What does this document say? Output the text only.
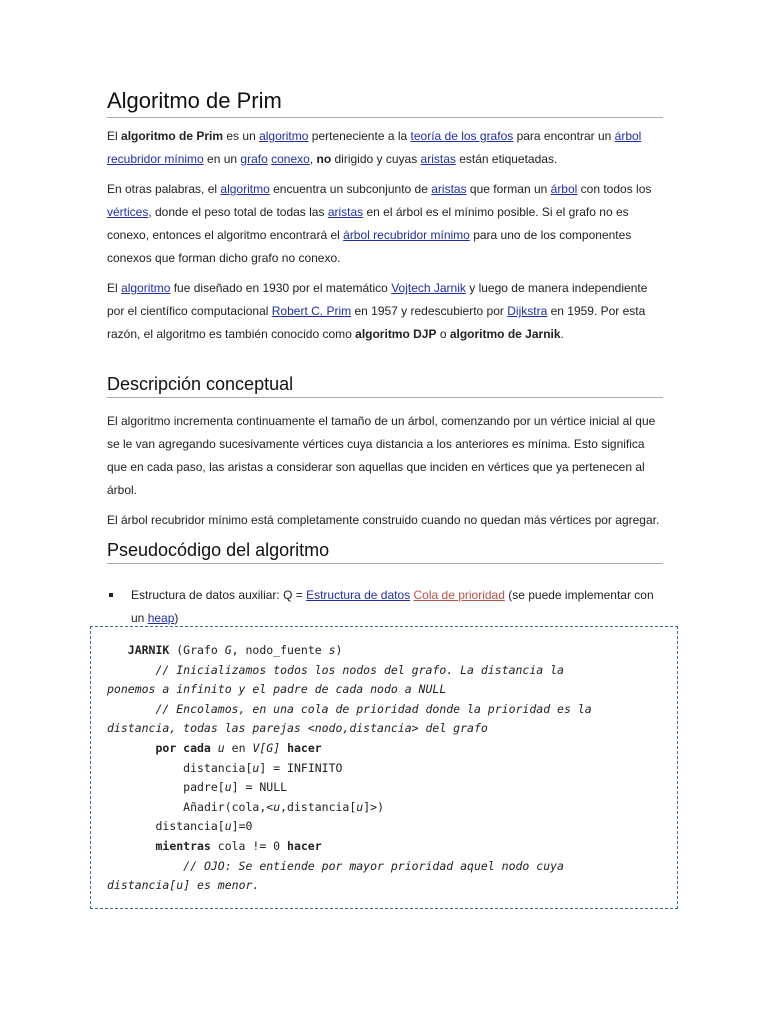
Algoritmo de Prim

El algoritmo de Prim es un algoritmo perteneciente a la teoría de los grafos para encontrar un árbol recubridor mínimo en un grafo conexo, no dirigido y cuyas aristas están etiquetadas.

En otras palabras, el algoritmo encuentra un subconjunto de aristas que forman un árbol con todos los vértices, donde el peso total de todas las aristas en el árbol es el mínimo posible. Si el grafo no es conexo, entonces el algoritmo encontrará el árbol recubridor mínimo para uno de los componentes conexos que forman dicho grafo no conexo.

El algoritmo fue diseñado en 1930 por el matemático Vojtech Jarnik y luego de manera independiente por el científico computacional Robert C. Prim en 1957 y redescubierto por Dijkstra en 1959. Por esta razón, el algoritmo es también conocido como algoritmo DJP o algoritmo de Jarnik.

Descripción conceptual

El algoritmo incrementa continuamente el tamaño de un árbol, comenzando por un vértice inicial al que se le van agregando sucesivamente vértices cuya distancia a los anteriores es mínima. Esto significa que en cada paso, las aristas a considerar son aquellas que inciden en vértices que ya pertenecen al árbol.

El árbol recubridor mínimo está completamente construido cuando no quedan más vértices por agregar.

Pseudocódigo del algoritmo
Estructura de datos auxiliar: Q = Estructura de datos Cola de prioridad (se puede implementar con un heap)
JARNIK (Grafo G, nodo_fuente s)
// Inicializamos todos los nodos del grafo. La distancia la
ponemos a infinito y el padre de cada nodo a NULL
// Encolamos, en una cola de prioridad donde la prioridad es la
distancia, todas las parejas <nodo,distancia> del grafo
por cada u en V[G] hacer
distancia[u] = INFINITO
padre[u] = NULL
Añadir(cola,<u,distancia[u]>)
distancia[u]=0
mientras cola != 0 hacer
// OJO: Se entiende por mayor prioridad aquel nodo cuya
distancia[u] es menor.
